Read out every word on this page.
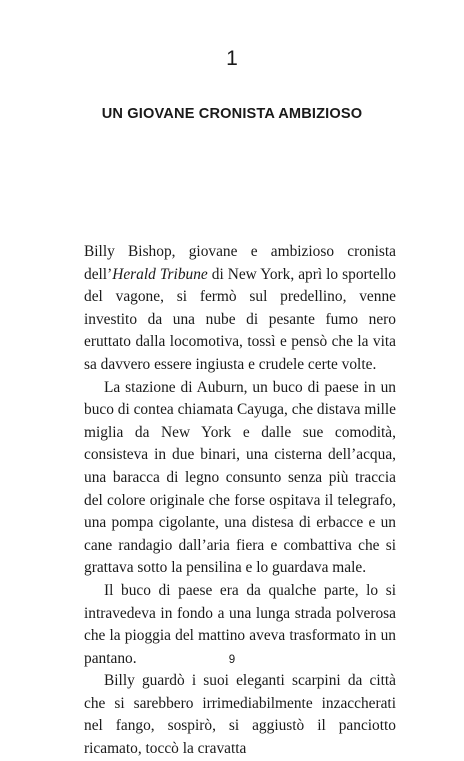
1
UN GIOVANE CRONISTA AMBIZIOSO

Billy Bishop, giovane e ambizioso cronista dell’Herald Tribune di New York, aprì lo sportello del vagone, si fermò sul predellino, venne investito da una nube di pesante fumo nero eruttato dalla locomotiva, tossì e pensò che la vita sa davvero essere ingiusta e crudele certe volte.

La stazione di Auburn, un buco di paese in un buco di contea chiamata Cayuga, che distava mille miglia da New York e dalle sue comodità, consisteva in due binari, una cisterna dell’acqua, una baracca di legno consunto senza più traccia del colore originale che forse ospitava il telegrafo, una pompa cigolante, una distesa di erbacce e un cane randagio dall’aria fiera e combattiva che si grattava sotto la pensilina e lo guardava male.

Il buco di paese era da qualche parte, lo si intravedeva in fondo a una lunga strada polverosa che la pioggia del mattino aveva trasformato in un pantano.

Billy guardò i suoi eleganti scarpini da città che si sarebbero irrimediabilmente inzaccherati nel fango, sospirò, si aggiustò il panciotto ricamato, toccò la cravatta

9
